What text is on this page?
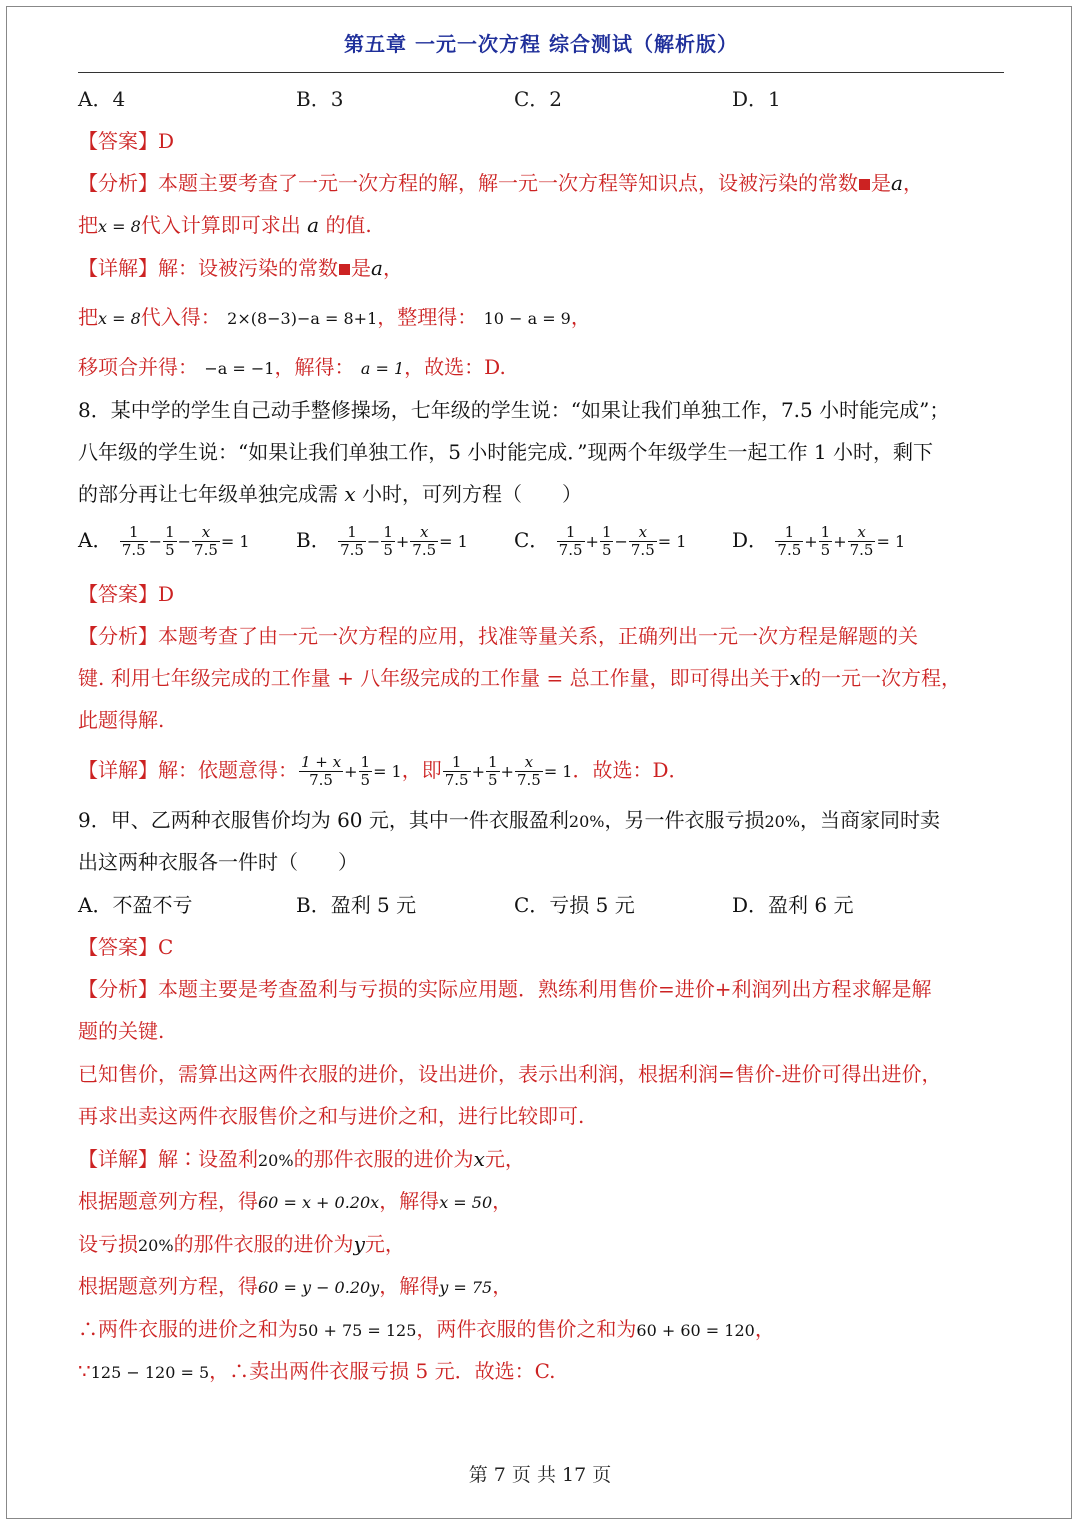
第五章 一元一次方程 综合测试（解析版）
A．4	B．3	C．2	D．1
【答案】D
【分析】本题主要考查了一元一次方程的解，解一元一次方程等知识点，设被污染的常数 是a，
把x = 8代入计算即可求出 a 的值.
【详解】解：设被污染的常数 是a，
把x = 8代入得： 2×(8−3)−a = 8+1，整理得： 10 − a = 9，
移项合并得： −a = −1，解得： a = 1，故选：D.
8．某中学的学生自己动手整修操场，七年级的学生说：“如果让我们单独工作，7.5 小时能完成”；
八年级的学生说：“如果让我们单独工作，5 小时能完成．”现两个年级学生一起工作 1 小时，剩下
的部分再让七年级单独完成需 x 小时，可列方程（　　）
A． $\frac{1}{7.5} - \frac{1}{5} - \frac{x}{7.5} = 1$ B． $\frac{1}{7.5} - \frac{1}{5} + \frac{x}{7.5} = 1$ C． $\frac{1}{7.5} + \frac{1}{5} - \frac{x}{7.5} = 1$ D． $\frac{1}{7.5} + \frac{1}{5} + \frac{x}{7.5} = 1$
【答案】D
【分析】本题考查了由一元一次方程的应用，找准等量关系，正确列出一元一次方程是解题的关
键. 利用七年级完成的工作量 + 八年级完成的工作量 = 总工作量，即可得出关于x的一元一次方程，
此题得解.
【详解】解：依题意得： $\frac{1 + x}{7.5} + \frac{1}{5} = 1$，即 $\frac{1}{7.5} + \frac{1}{5} + \frac{x}{7.5} = 1$．故选：D．
9．甲、乙两种衣服售价均为 60 元，其中一件衣服盈利20%，另一件衣服亏损20%，当商家同时卖
出这两种衣服各一件时（　　）
A．不盈不亏	B．盈利 5 元	C．亏损 5 元	D．盈利 6 元
【答案】C
【分析】本题主要是考查盈利与亏损的实际应用题．熟练利用售价=进价+利润列出方程求解是解
题的关键.
已知售价，需算出这两件衣服的进价，设出进价，表示出利润，根据利润=售价-进价可得出进价，
再求出卖这两件衣服售价之和与进价之和，进行比较即可.
【详解】解∶设盈利20%的那件衣服的进价为x元，
根据题意列方程，得60 = x + 0.20x，解得x = 50，
设亏损20%的那件衣服的进价为y元，
根据题意列方程，得60 = y − 0.20y，解得y = 75，
∴两件衣服的进价之和为50 + 75 = 125，两件衣服的售价之和为60 + 60 = 120，
∵125 − 120 = 5，∴卖出两件衣服亏损 5 元．故选：C.
第 7 页 共 17 页
